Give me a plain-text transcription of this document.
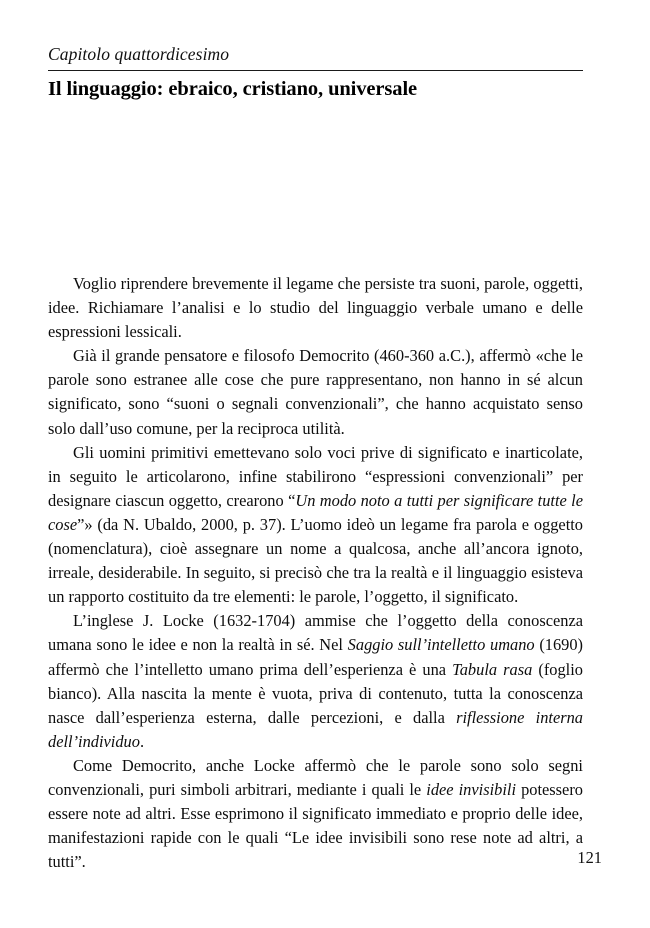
Capitolo quattordicesimo
Il linguaggio: ebraico, cristiano, universale

Voglio riprendere brevemente il legame che persiste tra suoni, parole, oggetti, idee. Richiamare l’analisi e lo studio del linguaggio verbale umano e delle espressioni lessicali.

Già il grande pensatore e filosofo Democrito (460-360 a.C.), affermò «che le parole sono estranee alle cose che pure rappresentano, non hanno in sé alcun significato, sono “suoni o segnali convenzionali”, che hanno acquistato senso solo dall’uso comune, per la reciproca utilità.

Gli uomini primitivi emettevano solo voci prive di significato e inarticolate, in seguito le articolarono, infine stabilirono “espressioni convenzionali” per designare ciascun oggetto, crearono “Un modo noto a tutti per significare tutte le cose”» (da N. Ubaldo, 2000, p. 37). L’uomo ideò un legame fra parola e oggetto (nomenclatura), cioè assegnare un nome a qualcosa, anche all’ancora ignoto, irreale, desiderabile. In seguito, si precisò che tra la realtà e il linguaggio esisteva un rapporto costituito da tre elementi: le parole, l’oggetto, il significato.

L’inglese J. Locke (1632-1704) ammise che l’oggetto della conoscenza umana sono le idee e non la realtà in sé. Nel Saggio sull’intelletto umano (1690) affermò che l’intelletto umano prima dell’esperienza è una Tabula rasa (foglio bianco). Alla nascita la mente è vuota, priva di contenuto, tutta la conoscenza nasce dall’esperienza esterna, dalle percezioni, e dalla riflessione interna dell’individuo.

Come Democrito, anche Locke affermò che le parole sono solo segni convenzionali, puri simboli arbitrari, mediante i quali le idee invisibili potessero essere note ad altri. Esse esprimono il significato immediato e proprio delle idee, manifestazioni rapide con le quali “Le idee invisibili sono rese note ad altri, a tutti”.	121
